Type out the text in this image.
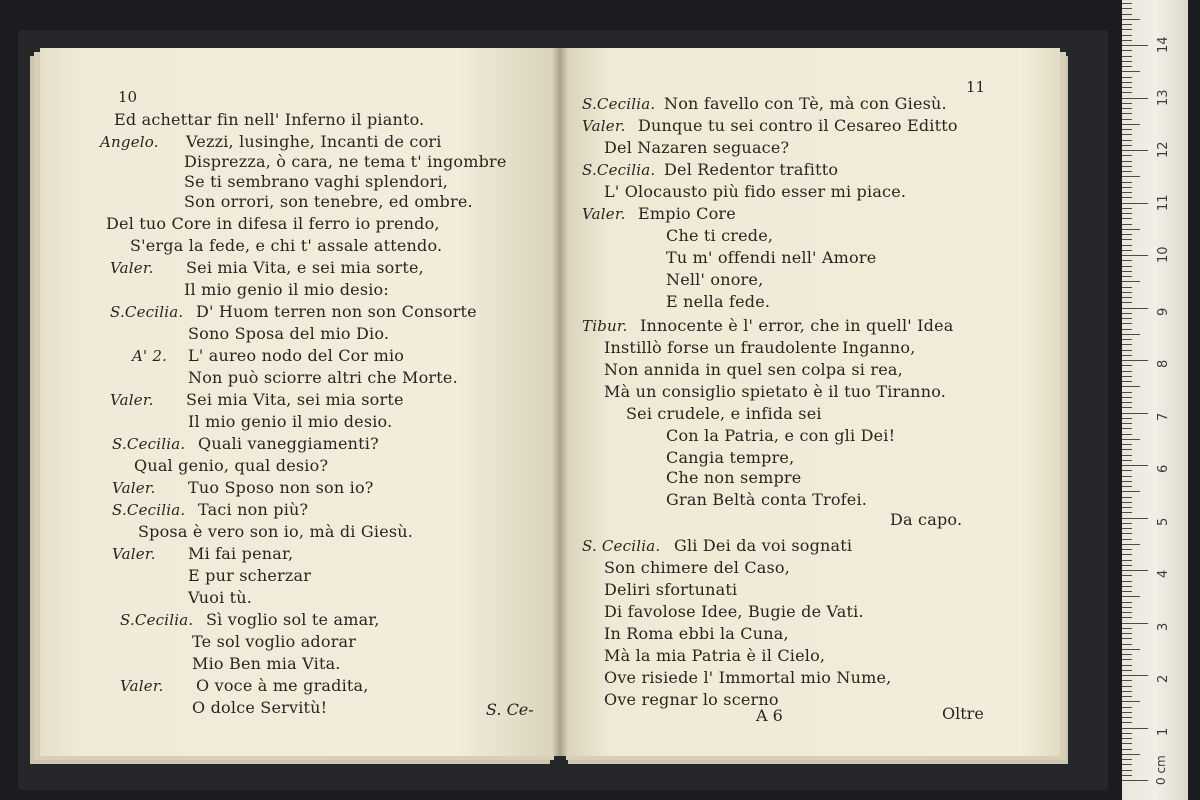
0 cm
1
2
3
4
5
6
7
8
9
10
11
12
13
14
10
Ed achettar fin nell' Inferno il pianto.
Angelo. Vezzi, lusinghe, Incanti de cori
Disprezza, ò cara, ne tema t' ingombre
Se ti sembrano vaghi splendori,
Son orrori, son tenebre, ed ombre.
Del tuo Core in difesa il ferro io prendo,
S'erga la fede, e chi t' assale attendo.
Valer. Sei mia Vita, e sei mia sorte,
Il mio genio il mio desio:
S.Cecilia. D' Huom terren non son Consorte
Sono Sposa del mio Dio.
A' 2. L' aureo nodo del Cor mio
Non può sciorre altri che Morte.
Valer. Sei mia Vita, sei mia sorte
Il mio genio il mio desio.
S.Cecilia. Quali vaneggiamenti?
Qual genio, qual desio?
Valer. Tuo Sposo non son io?
S.Cecilia. Taci non più?
Sposa è vero son io, mà di Giesù.
Valer. Mi fai penar,
E pur scherzar
Vuoi tù.
S.Cecilia. Sì voglio sol te amar,
Te sol voglio adorar
Mio Ben mia Vita.
Valer. O voce à me gradita,
O dolce Servitù!	S. Ce-
11
S.Cecilia. Non favello con Tè, mà con Giesù.
Valer. Dunque tu sei contro il Cesareo Editto
Del Nazaren seguace?
S.Cecilia. Del Redentor trafitto
L' Olocausto più fido esser mi piace.
Valer. Empio Core
Che ti crede,
Tu m' offendi nell' Amore
Nell' onore,
E nella fede.
Tibur. Innocente è l' error, che in quell' Idea
Instillò forse un fraudolente Inganno,
Non annida in quel sen colpa si rea,
Mà un consiglio spietato è il tuo Tiranno.
Sei crudele, e infida sei
Con la Patria, e con gli Dei!
Cangia tempre,
Che non sempre
Gran Beltà conta Trofei.
Da capo.
S. Cecilia. Gli Dei da voi sognati
Son chimere del Caso,
Deliri sfortunati
Di favolose Idee, Bugie de Vati.
In Roma ebbi la Cuna,
Mà la mia Patria è il Cielo,
Ove risiede l' Immortal mio Nume,
Ove regnar lo scerno
A 6	Oltre
